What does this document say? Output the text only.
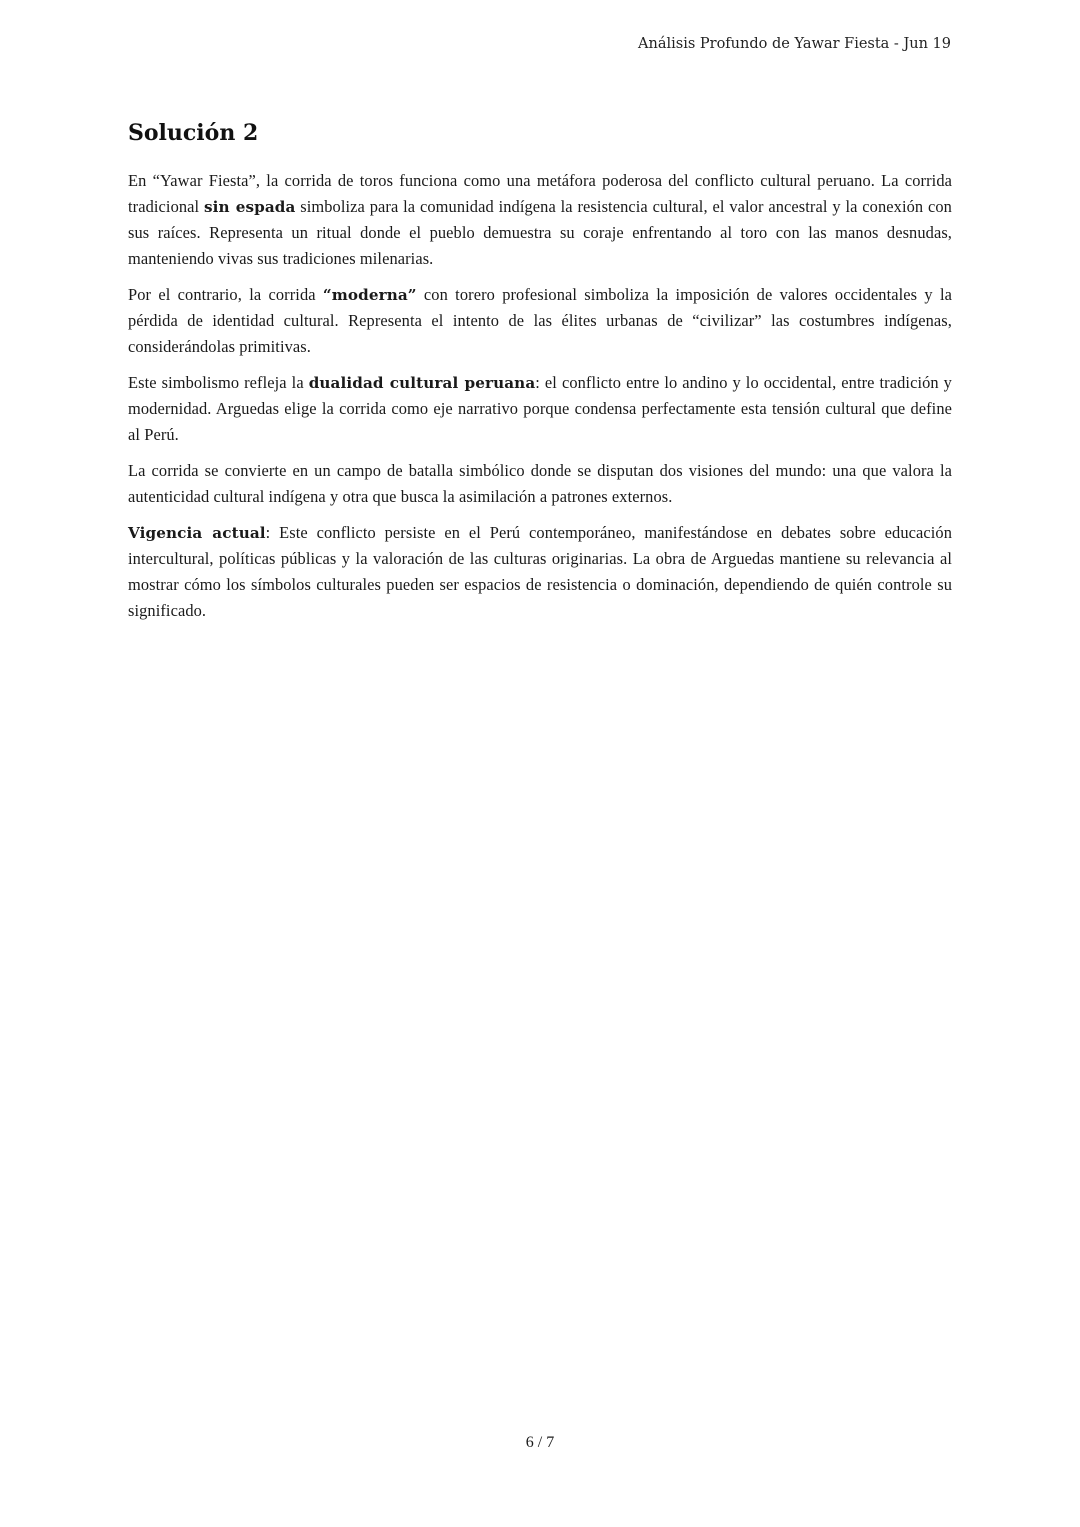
Análisis Profundo de Yawar Fiesta - Jun 19
Solución 2

En “Yawar Fiesta”, la corrida de toros funciona como una metáfora poderosa del conflicto cultural peruano. La corrida tradicional sin espada simboliza para la comunidad indígena la resistencia cultural, el valor ancestral y la conexión con sus raíces. Representa un ritual donde el pueblo demuestra su coraje enfrentando al toro con las manos desnudas, manteniendo vivas sus tradiciones milenarias.

Por el contrario, la corrida “moderna” con torero profesional simboliza la imposición de valores occidentales y la pérdida de identidad cultural. Representa el intento de las élites urbanas de “civilizar” las costumbres indígenas, considerándolas primitivas.

Este simbolismo refleja la dualidad cultural peruana: el conflicto entre lo andino y lo occidental, entre tradición y modernidad. Arguedas elige la corrida como eje narrativo porque condensa perfectamente esta tensión cultural que define al Perú.

La corrida se convierte en un campo de batalla simbólico donde se disputan dos visiones del mundo: una que valora la autenticidad cultural indígena y otra que busca la asimilación a patrones externos.

Vigencia actual: Este conflicto persiste en el Perú contemporáneo, manifestándose en debates sobre educación intercultural, políticas públicas y la valoración de las culturas originarias. La obra de Arguedas mantiene su relevancia al mostrar cómo los símbolos culturales pueden ser espacios de resistencia o dominación, dependiendo de quién controle su significado.

6 / 7
